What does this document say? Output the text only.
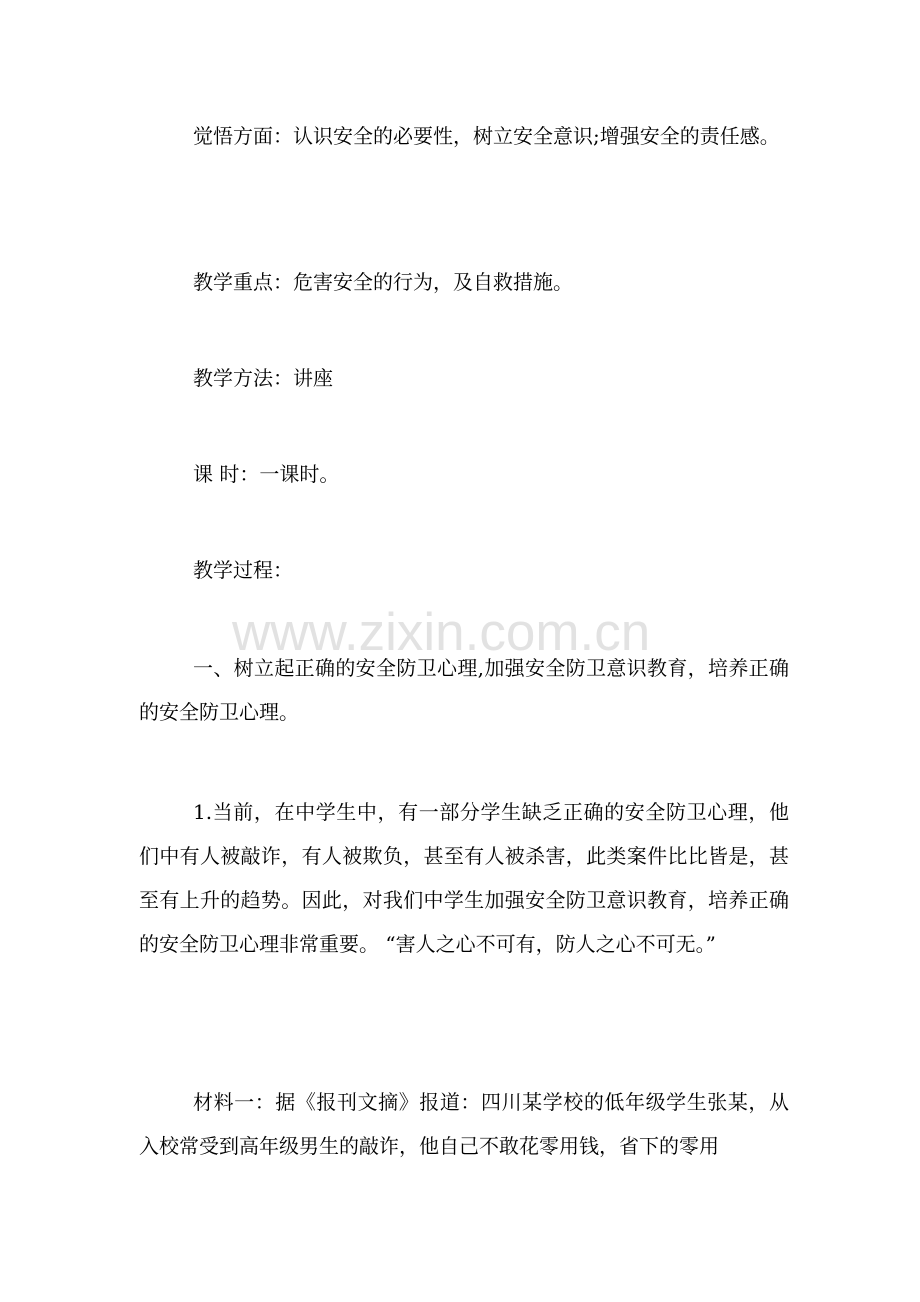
觉悟方面：认识安全的必要性，树立安全意识;增强安全的责任感。

教学重点：危害安全的行为，及自救措施。

教学方法：讲座

课 时：一课时。

教学过程：

一、树立起正确的安全防卫心理,加强安全防卫意识教育，培养正确的安全防卫心理。

1.当前，在中学生中，有一部分学生缺乏正确的安全防卫心理，他们中有人被敲诈，有人被欺负，甚至有人被杀害，此类案件比比皆是，甚至有上升的趋势。因此，对我们中学生加强安全防卫意识教育，培养正确的安全防卫心理非常重要。 “害人之心不可有，防人之心不可无。”

材料一：据《报刊文摘》报道：四川某学校的低年级学生张某，从入校常受到高年级男生的敲诈，他自己不敢花零用钱，省下的零用

www.zixin.com.cn
